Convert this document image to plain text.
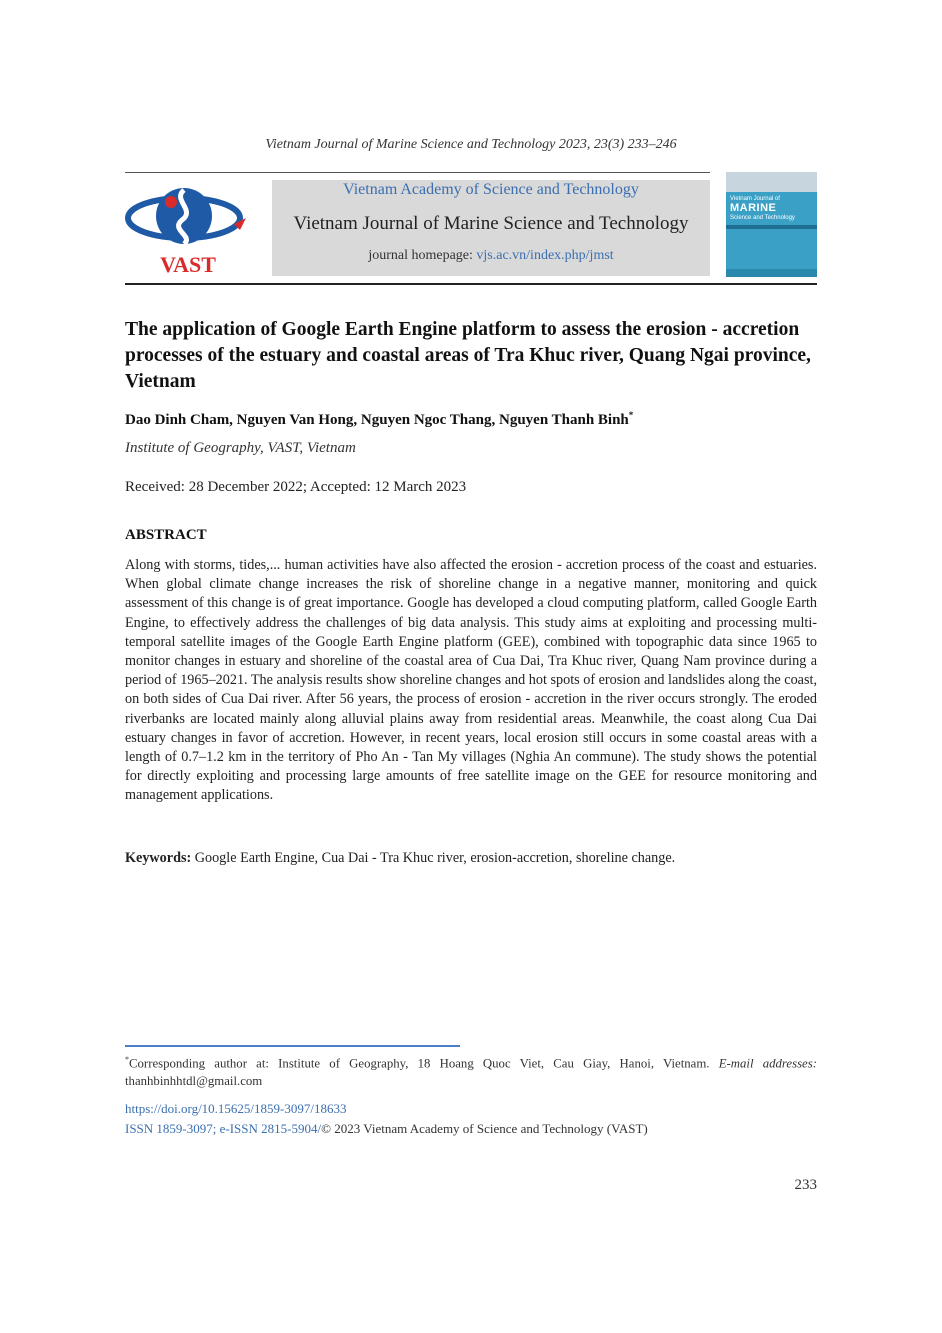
Vietnam Journal of Marine Science and Technology 2023, 23(3) 233–246
VAST
Vietnam Academy of Science and Technology
Vietnam Journal of Marine Science and Technology
journal homepage: vjs.ac.vn/index.php/jmst
Vietnam Journal of
MARINE
Science and Technology
The application of Google Earth Engine platform to assess the erosion - accretion processes of the estuary and coastal areas of Tra Khuc river, Quang Ngai province, Vietnam
Dao Dinh Cham, Nguyen Van Hong, Nguyen Ngoc Thang, Nguyen Thanh Binh*
Institute of Geography, VAST, Vietnam
Received: 28 December 2022; Accepted: 12 March 2023
ABSTRACT
Along with storms, tides,... human activities have also affected the erosion - accretion process of the coast and estuaries. When global climate change increases the risk of shoreline change in a negative manner, monitoring and quick assessment of this change is of great importance. Google has developed a cloud computing platform, called Google Earth Engine, to effectively address the challenges of big data analysis. This study aims at exploiting and processing multi-temporal satellite images of the Google Earth Engine platform (GEE), combined with topographic data since 1965 to monitor changes in estuary and shoreline of the coastal area of Cua Dai, Tra Khuc river, Quang Nam province during a period of 1965–2021. The analysis results show shoreline changes and hot spots of erosion and landslides along the coast, on both sides of Cua Dai river. After 56 years, the process of erosion - accretion in the river occurs strongly. The eroded riverbanks are located mainly along alluvial plains away from residential areas. Meanwhile, the coast along Cua Dai estuary changes in favor of accretion. However, in recent years, local erosion still occurs in some coastal areas with a length of 0.7–1.2 km in the territory of Pho An - Tan My villages (Nghia An commune). The study shows the potential for directly exploiting and processing large amounts of free satellite image on the GEE for resource monitoring and management applications.
Keywords: Google Earth Engine, Cua Dai - Tra Khuc river, erosion-accretion, shoreline change.
*Corresponding author at: Institute of Geography, 18 Hoang Quoc Viet, Cau Giay, Hanoi, Vietnam. E-mail addresses: thanhbinhhtdl@gmail.com
https://doi.org/10.15625/1859-3097/18633
ISSN 1859-3097; e-ISSN 2815-5904/© 2023 Vietnam Academy of Science and Technology (VAST)
233
